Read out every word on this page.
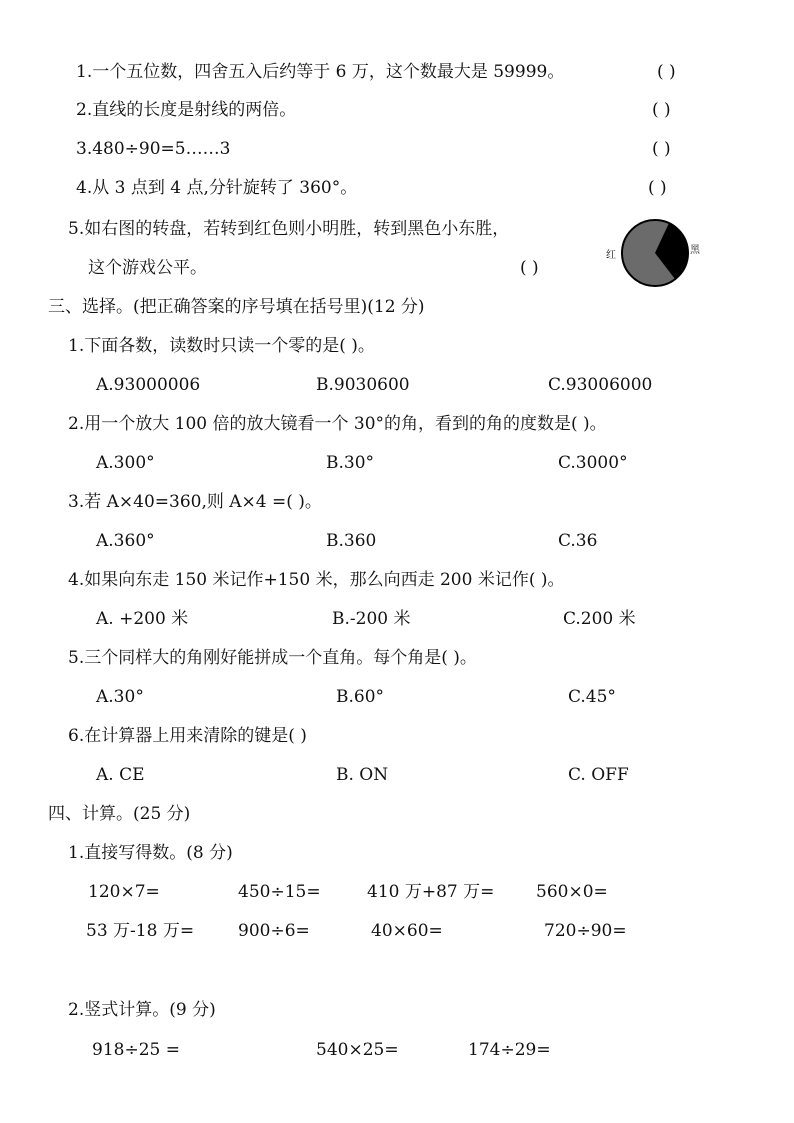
1.一个五位数，四舍五入后约等于 6 万，这个数最大是 59999。	( )
2.直线的长度是射线的两倍。	( )
3.480÷90=5……3	( )
4.从 3 点到 4 点,分针旋转了 360°。	( )
5.如右图的转盘，若转到红色则小明胜，转到黑色小东胜，
这个游戏公平。	( )
红	黑
三、选择。(把正确答案的序号填在括号里)(12 分)
1.下面各数，读数时只读一个零的是( )。
A.93000006	B.9030600	C.93006000
2.用一个放大 100 倍的放大镜看一个 30°的角，看到的角的度数是( )。
A.300°	B.30°	C.3000°
3.若 A×40=360,则 A×4 =( )。
A.360°	B.360	C.36
4.如果向东走 150 米记作+150 米，那么向西走 200 米记作( )。
A. +200 米	B.-200 米	C.200 米
5.三个同样大的角刚好能拼成一个直角。每个角是( )。
A.30°	B.60°	C.45°
6.在计算器上用来清除的键是( )
A. CE	B. ON	C. OFF
四、计算。(25 分)
1.直接写得数。(8 分)
120×7=	450÷15=	410 万+87 万= 560×0=
53 万-18 万=	900÷6=	40×60=	720÷90=
2.竖式计算。(9 分)
918÷25 =	540×25=	174÷29=
